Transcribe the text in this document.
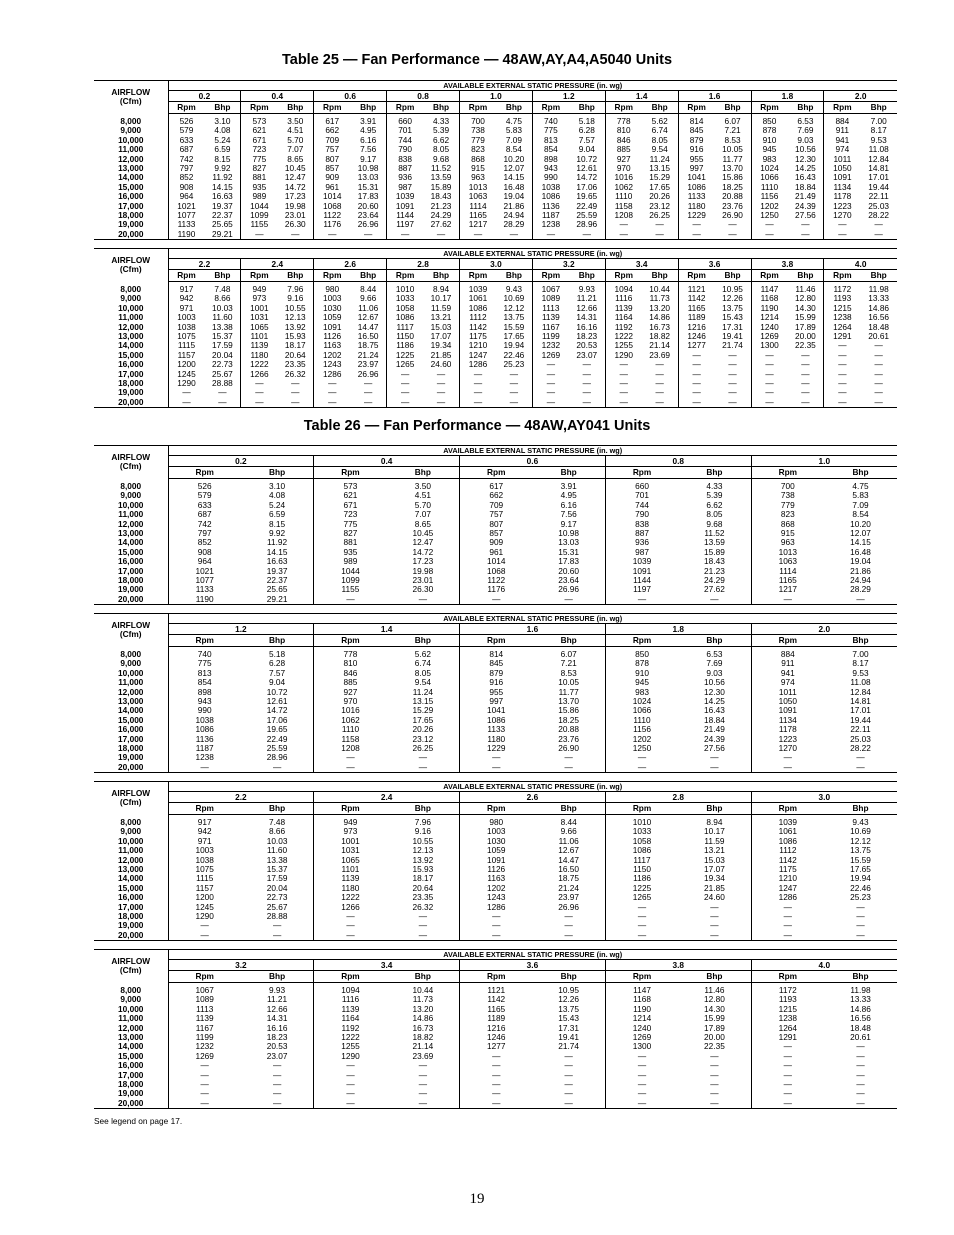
Table 25 — Fan Performance — 48AW,AY,A4,A5040 Units
AIRFLOW
(Cfm)	AVAILABLE EXTERNAL STATIC PRESSURE (in. wg)																			
	0.2		0.4		0.6		0.8		1.0		1.2		1.4		1.6		1.8		2.0	
	Rpm	Bhp	Rpm	Bhp	Rpm	Bhp	Rpm	Bhp	Rpm	Bhp	Rpm	Bhp	Rpm	Bhp	Rpm	Bhp	Rpm	Bhp	Rpm	Bhp

8,000	526	3.10	573	3.50	617	3.91	660	4.33	700	4.75	740	5.18	778	5.62	814	6.07	850	6.53	884	7.00
9,000	579	4.08	621	4.51	662	4.95	701	5.39	738	5.83	775	6.28	810	6.74	845	7.21	878	7.69	911	8.17
10,000	633	5.24	671	5.70	709	6.16	744	6.62	779	7.09	813	7.57	846	8.05	879	8.53	910	9.03	941	9.53
11,000	687	6.59	723	7.07	757	7.56	790	8.05	823	8.54	854	9.04	885	9.54	916	10.05	945	10.56	974	11.08
12,000	742	8.15	775	8.65	807	9.17	838	9.68	868	10.20	898	10.72	927	11.24	955	11.77	983	12.30	1011	12.84
13,000	797	9.92	827	10.45	857	10.98	887	11.52	915	12.07	943	12.61	970	13.15	997	13.70	1024	14.25	1050	14.81
14,000	852	11.92	881	12.47	909	13.03	936	13.59	963	14.15	990	14.72	1016	15.29	1041	15.86	1066	16.43	1091	17.01
15,000	908	14.15	935	14.72	961	15.31	987	15.89	1013	16.48	1038	17.06	1062	17.65	1086	18.25	1110	18.84	1134	19.44
16,000	964	16.63	989	17.23	1014	17.83	1039	18.43	1063	19.04	1086	19.65	1110	20.26	1133	20.88	1156	21.49	1178	22.11
17,000	1021	19.37	1044	19.98	1068	20.60	1091	21.23	1114	21.86	1136	22.49	1158	23.12	1180	23.76	1202	24.39	1223	25.03
18,000	1077	22.37	1099	23.01	1122	23.64	1144	24.29	1165	24.94	1187	25.59	1208	26.25	1229	26.90	1250	27.56	1270	28.22
19,000	1133	25.65	1155	26.30	1176	26.96	1197	27.62	1217	28.29	1238	28.96	—	—	—	—	—	—	—	—
20,000	1190	29.21	—	—	—	—	—	—	—	—	—	—	—	—	—	—	—	—	—	—
AIRFLOW
(Cfm)	AVAILABLE EXTERNAL STATIC PRESSURE (in. wg)																			
	2.2		2.4		2.6		2.8		3.0		3.2		3.4		3.6		3.8		4.0	
	Rpm	Bhp	Rpm	Bhp	Rpm	Bhp	Rpm	Bhp	Rpm	Bhp	Rpm	Bhp	Rpm	Bhp	Rpm	Bhp	Rpm	Bhp	Rpm	Bhp

8,000	917	7.48	949	7.96	980	8.44	1010	8.94	1039	9.43	1067	9.93	1094	10.44	1121	10.95	1147	11.46	1172	11.98
9,000	942	8.66	973	9.16	1003	9.66	1033	10.17	1061	10.69	1089	11.21	1116	11.73	1142	12.26	1168	12.80	1193	13.33
10,000	971	10.03	1001	10.55	1030	11.06	1058	11.59	1086	12.12	1113	12.66	1139	13.20	1165	13.75	1190	14.30	1215	14.86
11,000	1003	11.60	1031	12.13	1059	12.67	1086	13.21	1112	13.75	1139	14.31	1164	14.86	1189	15.43	1214	15.99	1238	16.56
12,000	1038	13.38	1065	13.92	1091	14.47	1117	15.03	1142	15.59	1167	16.16	1192	16.73	1216	17.31	1240	17.89	1264	18.48
13,000	1075	15.37	1101	15.93	1126	16.50	1150	17.07	1175	17.65	1199	18.23	1222	18.82	1246	19.41	1269	20.00	1291	20.61
14,000	1115	17.59	1139	18.17	1163	18.75	1186	19.34	1210	19.94	1232	20.53	1255	21.14	1277	21.74	1300	22.35	—	—
15,000	1157	20.04	1180	20.64	1202	21.24	1225	21.85	1247	22.46	1269	23.07	1290	23.69	—	—	—	—	—	—
16,000	1200	22.73	1222	23.35	1243	23.97	1265	24.60	1286	25.23	—	—	—	—	—	—	—	—	—	—
17,000	1245	25.67	1266	26.32	1286	26.96	—	—	—	—	—	—	—	—	—	—	—	—	—	—
18,000	1290	28.88	—	—	—	—	—	—	—	—	—	—	—	—	—	—	—	—	—	—
19,000	—	—	—	—	—	—	—	—	—	—	—	—	—	—	—	—	—	—	—	—
20,000	—	—	—	—	—	—	—	—	—	—	—	—	—	—	—	—	—	—	—	—
Table 26 — Fan Performance — 48AW,AY041 Units
AIRFLOW
(Cfm)	AVAILABLE EXTERNAL STATIC PRESSURE (in. wg)									
	0.2		0.4		0.6		0.8		1.0	
	Rpm	Bhp	Rpm	Bhp	Rpm	Bhp	Rpm	Bhp	Rpm	Bhp

8,000	526	3.10	573	3.50	617	3.91	660	4.33	700	4.75
9,000	579	4.08	621	4.51	662	4.95	701	5.39	738	5.83
10,000	633	5.24	671	5.70	709	6.16	744	6.62	779	7.09
11,000	687	6.59	723	7.07	757	7.56	790	8.05	823	8.54
12,000	742	8.15	775	8.65	807	9.17	838	9.68	868	10.20
13,000	797	9.92	827	10.45	857	10.98	887	11.52	915	12.07
14,000	852	11.92	881	12.47	909	13.03	936	13.59	963	14.15
15,000	908	14.15	935	14.72	961	15.31	987	15.89	1013	16.48
16,000	964	16.63	989	17.23	1014	17.83	1039	18.43	1063	19.04
17,000	1021	19.37	1044	19.98	1068	20.60	1091	21.23	1114	21.86
18,000	1077	22.37	1099	23.01	1122	23.64	1144	24.29	1165	24.94
19,000	1133	25.65	1155	26.30	1176	26.96	1197	27.62	1217	28.29
20,000	1190	29.21	—	—	—	—	—	—	—	—
AIRFLOW
(Cfm)	AVAILABLE EXTERNAL STATIC PRESSURE (in. wg)									
	1.2		1.4		1.6		1.8		2.0	
	Rpm	Bhp	Rpm	Bhp	Rpm	Bhp	Rpm	Bhp	Rpm	Bhp

8,000	740	5.18	778	5.62	814	6.07	850	6.53	884	7.00
9,000	775	6.28	810	6.74	845	7.21	878	7.69	911	8.17
10,000	813	7.57	846	8.05	879	8.53	910	9.03	941	9.53
11,000	854	9.04	885	9.54	916	10.05	945	10.56	974	11.08
12,000	898	10.72	927	11.24	955	11.77	983	12.30	1011	12.84
13,000	943	12.61	970	13.15	997	13.70	1024	14.25	1050	14.81
14,000	990	14.72	1016	15.29	1041	15.86	1066	16.43	1091	17.01
15,000	1038	17.06	1062	17.65	1086	18.25	1110	18.84	1134	19.44
16,000	1086	19.65	1110	20.26	1133	20.88	1156	21.49	1178	22.11
17,000	1136	22.49	1158	23.12	1180	23.76	1202	24.39	1223	25.03
18,000	1187	25.59	1208	26.25	1229	26.90	1250	27.56	1270	28.22
19,000	1238	28.96	—	—	—	—	—	—	—	—
20,000	—	—	—	—	—	—	—	—	—	—
AIRFLOW
(Cfm)	AVAILABLE EXTERNAL STATIC PRESSURE (in. wg)									
	2.2		2.4		2.6		2.8		3.0	
	Rpm	Bhp	Rpm	Bhp	Rpm	Bhp	Rpm	Bhp	Rpm	Bhp

8,000	917	7.48	949	7.96	980	8.44	1010	8.94	1039	9.43
9,000	942	8.66	973	9.16	1003	9.66	1033	10.17	1061	10.69
10,000	971	10.03	1001	10.55	1030	11.06	1058	11.59	1086	12.12
11,000	1003	11.60	1031	12.13	1059	12.67	1086	13.21	1112	13.75
12,000	1038	13.38	1065	13.92	1091	14.47	1117	15.03	1142	15.59
13,000	1075	15.37	1101	15.93	1126	16.50	1150	17.07	1175	17.65
14,000	1115	17.59	1139	18.17	1163	18.75	1186	19.34	1210	19.94
15,000	1157	20.04	1180	20.64	1202	21.24	1225	21.85	1247	22.46
16,000	1200	22.73	1222	23.35	1243	23.97	1265	24.60	1286	25.23
17,000	1245	25.67	1266	26.32	1286	26.96	—	—	—	—
18,000	1290	28.88	—	—	—	—	—	—	—	—
19,000	—	—	—	—	—	—	—	—	—	—
20,000	—	—	—	—	—	—	—	—	—	—
AIRFLOW
(Cfm)	AVAILABLE EXTERNAL STATIC PRESSURE (in. wg)									
	3.2		3.4		3.6		3.8		4.0	
	Rpm	Bhp	Rpm	Bhp	Rpm	Bhp	Rpm	Bhp	Rpm	Bhp

8,000	1067	9.93	1094	10.44	1121	10.95	1147	11.46	1172	11.98
9,000	1089	11.21	1116	11.73	1142	12.26	1168	12.80	1193	13.33
10,000	1113	12.66	1139	13.20	1165	13.75	1190	14.30	1215	14.86
11,000	1139	14.31	1164	14.86	1189	15.43	1214	15.99	1238	16.56
12,000	1167	16.16	1192	16.73	1216	17.31	1240	17.89	1264	18.48
13,000	1199	18.23	1222	18.82	1246	19.41	1269	20.00	1291	20.61
14,000	1232	20.53	1255	21.14	1277	21.74	1300	22.35	—	—
15,000	1269	23.07	1290	23.69	—	—	—	—	—	—
16,000	—	—	—	—	—	—	—	—	—	—
17,000	—	—	—	—	—	—	—	—	—	—
18,000	—	—	—	—	—	—	—	—	—	—
19,000	—	—	—	—	—	—	—	—	—	—
20,000	—	—	—	—	—	—	—	—	—	—

See legend on page 17.

19
